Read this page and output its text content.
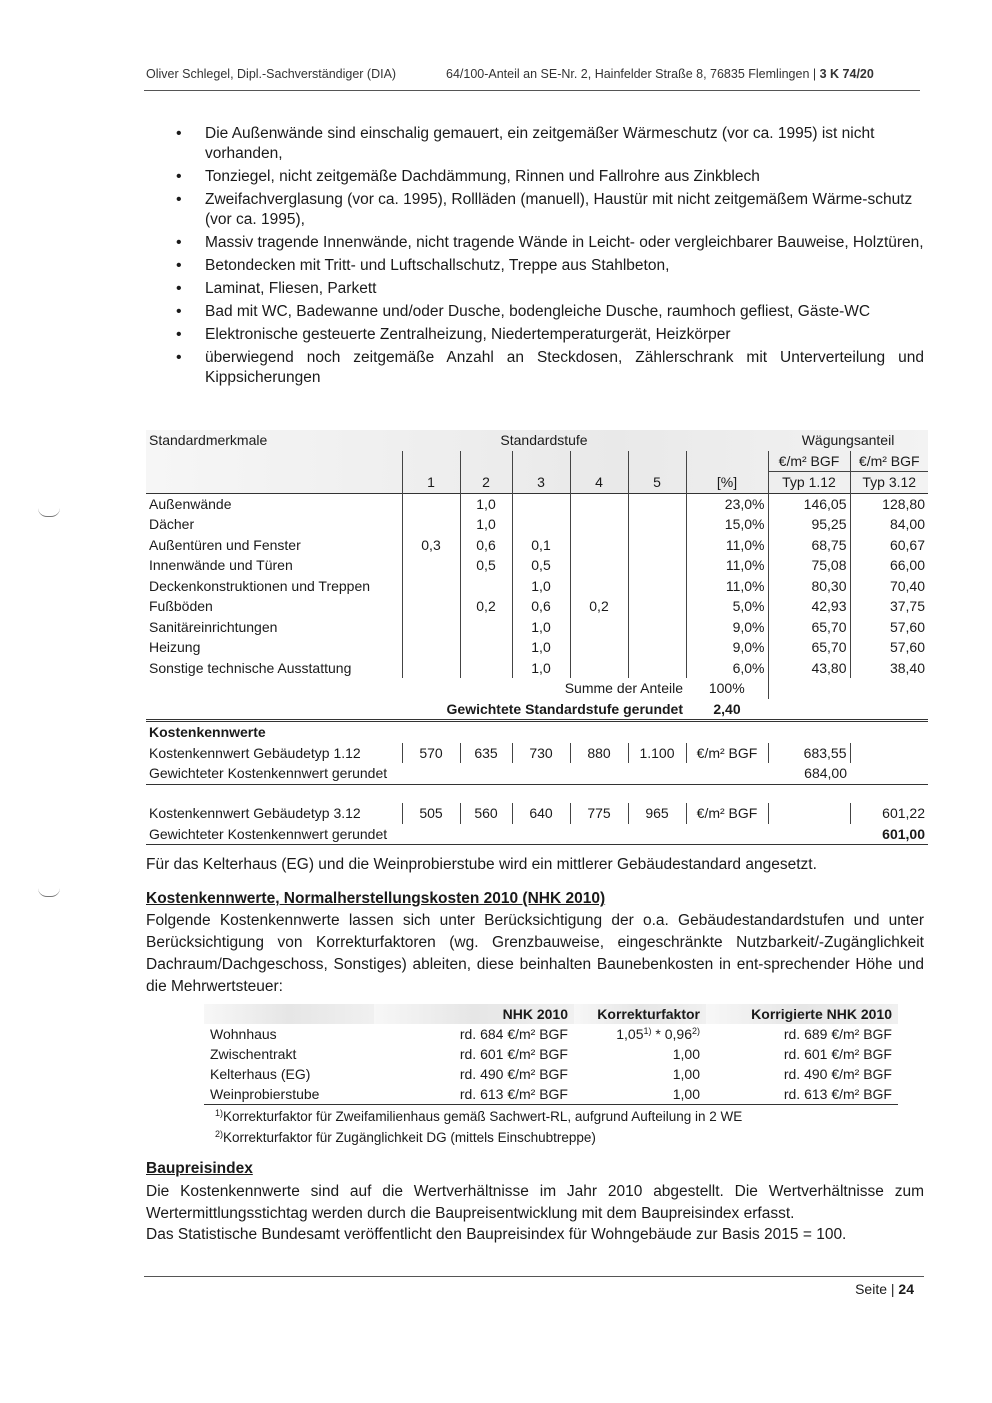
Oliver Schlegel, Dipl.-Sachverständiger (DIA)	64/100-Anteil an SE-Nr. 2, Hainfelder Straße 8, 76835 Flemlingen | 3 K 74/20
• Die Außenwände sind einschalig gemauert, ein zeitgemäßer Wärmeschutz (vor ca. 1995) ist nicht vorhanden,
• Tonziegel, nicht zeitgemäße Dachdämmung, Rinnen und Fallrohre aus Zinkblech
• Zweifachverglasung (vor ca. 1995), Rollläden (manuell), Haustür mit nicht zeitgemäßem Wärme-schutz (vor ca. 1995),
• Massiv tragende Innenwände, nicht tragende Wände in Leicht- oder vergleichbarer Bauweise, Holztüren,
• Betondecken mit Tritt- und Luftschallschutz, Treppe aus Stahlbeton,
• Laminat, Fliesen, Parkett
• Bad mit WC, Badewanne und/oder Dusche, bodengleiche Dusche, raumhoch gefliest, Gäste-WC
• Elektronische gesteuerte Zentralheizung, Niedertemperaturgerät, Heizkörper
• überwiegend noch zeitgemäße Anzahl an Steckdosen, Zählerschrank mit Unterverteilung und Kippsicherungen
Standardmerkmale	Standardstufe						Wägungsanteil	
							€/m² BGF	€/m² BGF
	1	2	3	4	5	[%]	Typ 1.12	Typ 3.12
Außenwände		1,0				23,0%	146,05	128,80
Dächer		1,0				15,0%	95,25	84,00
Außentüren und Fenster	0,3	0,6	0,1			11,0%	68,75	60,67
Innenwände und Türen		0,5	0,5			11,0%	75,08	66,00
Deckenkonstruktionen und Treppen			1,0			11,0%	80,30	70,40
Fußböden		0,2	0,6	0,2		5,0%	42,93	37,75
Sanitäreinrichtungen			1,0			9,0%	65,70	57,60
Heizung			1,0			9,0%	65,70	57,60
Sonstige technische Ausstattung			1,0			6,0%	43,80	38,40
Summe der Anteile						100%		
Gewichtete Standardstufe gerundet						2,40		
Kostenkennwerte								
Kostenkennwert Gebäudetyp 1.12	570	635	730	880	1.100	€/m² BGF	683,55	
Gewichteter Kostenkennwert gerundet							684,00	
Kostenkennwert Gebäudetyp 3.12	505	560	640	775	965	€/m² BGF		601,22
Gewichteter Kostenkennwert gerundet								601,00

Für das Kelterhaus (EG) und die Weinprobierstube wird ein mittlerer Gebäudestandard angesetzt.

Kostenkennwerte, Normalherstellungskosten 2010 (NHK 2010)

Folgende Kostenkennwerte lassen sich unter Berücksichtigung der o.a. Gebäudestandardstufen und unter Berücksichtigung von Korrekturfaktoren (wg. Grenzbauweise, eingeschränkte Nutzbarkeit/-Zugänglichkeit Dachraum/Dachgeschoss, Sonstiges) ableiten, diese beinhalten Baunebenkosten in ent-sprechender Höhe und die Mehrwertsteuer:

	NHK 2010	Korrekturfaktor	Korrigierte NHK 2010
Wohnhaus	rd. 684 €/m² BGF	1,05$^{1)}$ * 0,96$^{2)}$	rd. 689 €/m² BGF
Zwischentrakt	rd. 601 €/m² BGF	1,00	rd. 601 €/m² BGF
Kelterhaus (EG)	rd. 490 €/m² BGF	1,00	rd. 490 €/m² BGF
Weinprobierstube	rd. 613 €/m² BGF	1,00	rd. 613 €/m² BGF
$^{1)}$Korrekturfaktor für Zweifamilienhaus gemäß Sachwert-RL, aufgrund Aufteilung in 2 WE
$^{2)}$Korrekturfaktor für Zugänglichkeit DG (mittels Einschubtreppe)

Baupreisindex

Die Kostenkennwerte sind auf die Wertverhältnisse im Jahr 2010 abgestellt. Die Wertverhältnisse zum Wertermittlungsstichtag werden durch die Baupreisentwicklung mit dem Baupreisindex erfasst.

Das Statistische Bundesamt veröffentlicht den Baupreisindex für Wohngebäude zur Basis 2015 = 100.

Seite | 24
